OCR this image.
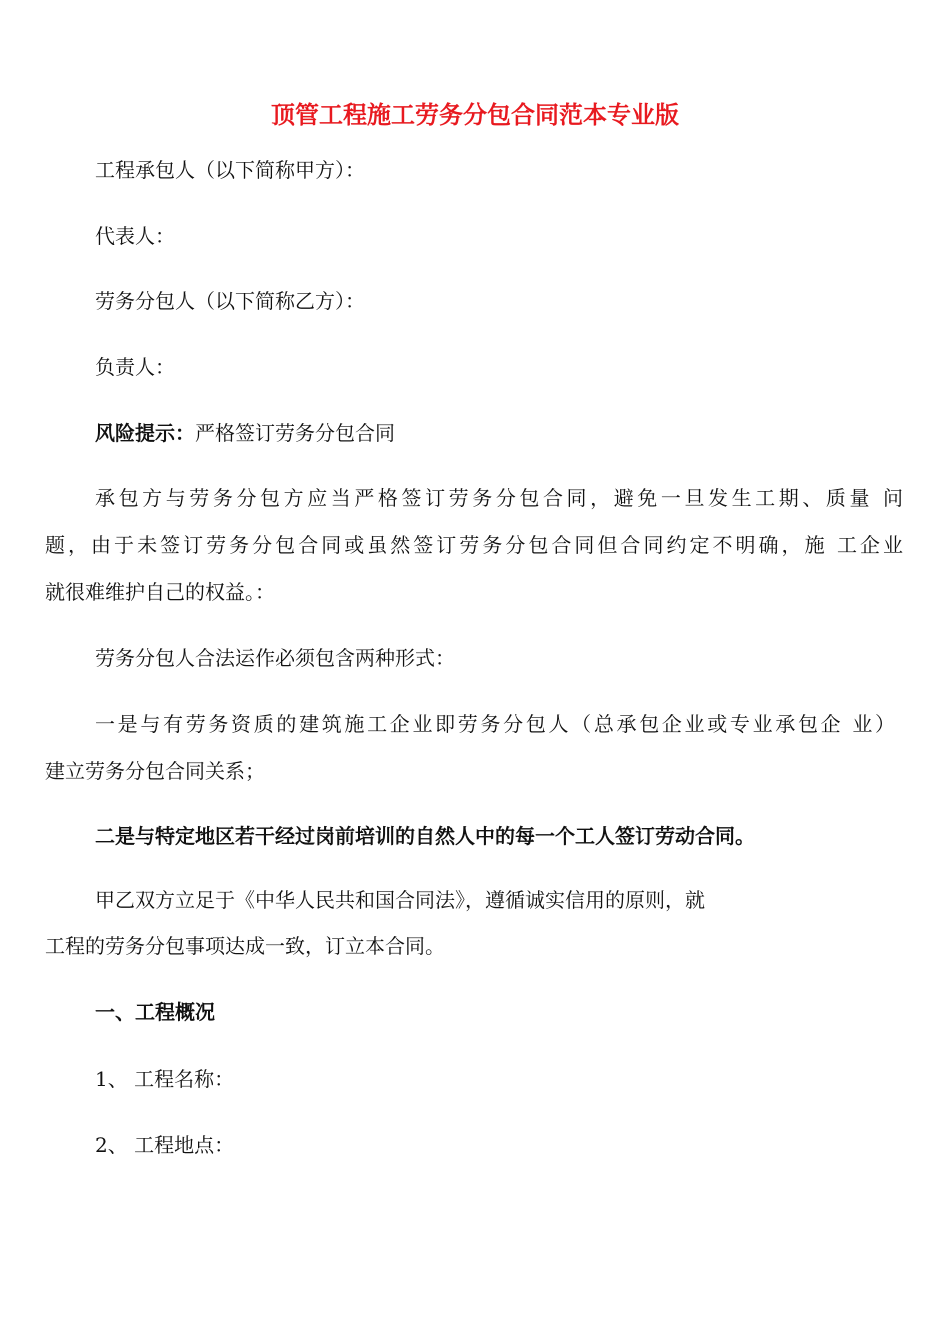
顶管工程施工劳务分包合同范本专业版
工程承包人（以下简称甲方）：
代表人：
劳务分包人（以下简称乙方）：
负责人：
风险提示：严格签订劳务分包合同
承包方与劳务分包方应当严格签订劳务分包合同，避免一旦发生工期、质量 问
题，由于未签订劳务分包合同或虽然签订劳务分包合同但合同约定不明确，施 工企业
就很难维护自己的权益。：
劳务分包人合法运作必须包含两种形式：
一是与有劳务资质的建筑施工企业即劳务分包人（总承包企业或专业承包企 业）
建立劳务分包合同关系；
二是与特定地区若干经过岗前培训的自然人中的每一个工人签订劳动合同。
甲乙双方立足于《中华人民共和国合同法》，遵循诚实信用的原则，就
工程的劳务分包事项达成一致，订立本合同。
一、工程概况
1、 工程名称：
2、 工程地点：
